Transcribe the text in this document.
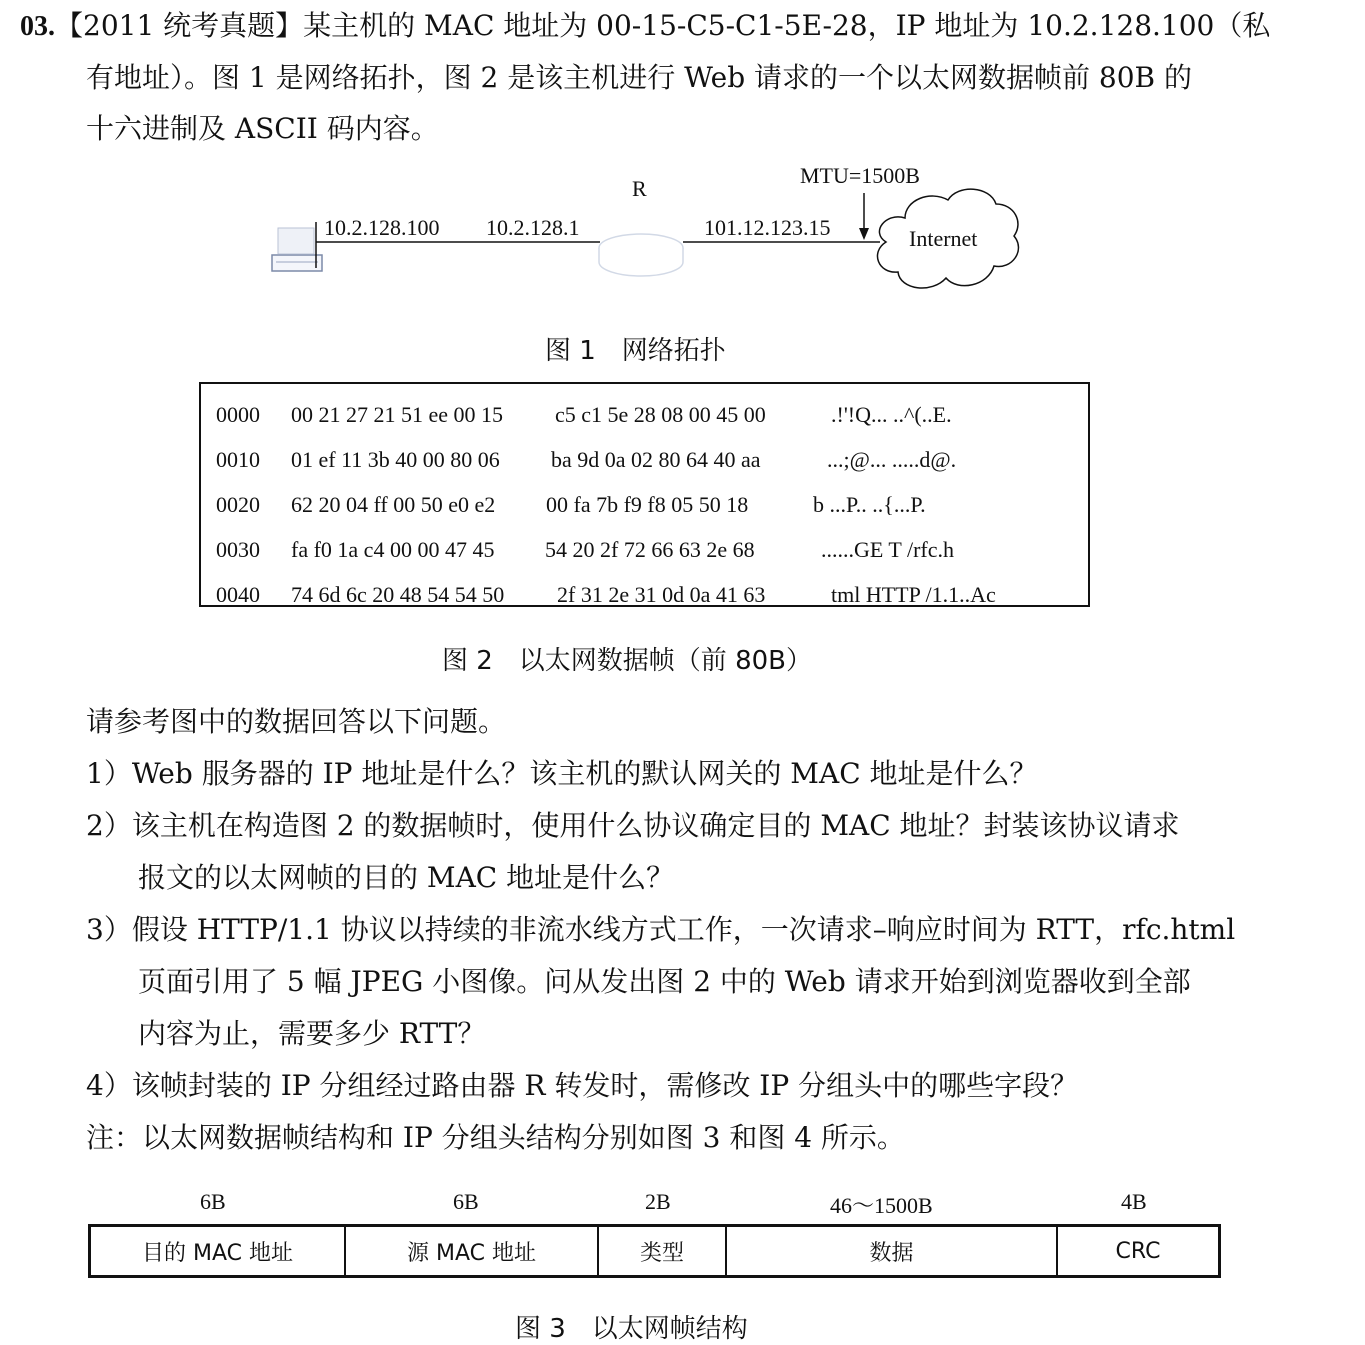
03.【2011 统考真题】某主机的 MAC 地址为 00-15-C5-C1-5E-28，IP 地址为 10.2.128.100（私
有地址）。图 1 是网络拓扑，图 2 是该主机进行 Web 请求的一个以太网数据帧前 80B 的
十六进制及 ASCII 码内容。
R
MTU=1500B
10.2.128.100 10.2.128.1	101.12.123.15	Internet
图 1　网络拓扑
0000 00 21 27 21 51 ee 00 15 c5 c1 5e 28 08 00 45 00	.!'!Q... ..^(..E.
0010 01 ef 11 3b 40 00 80 06 ba 9d 0a 02 80 64 40 aa	...;@... .....d@.
0020 62 20 04 ff 00 50 e0 e2 00 fa 7b f9 f8 05 50 18	b ...P.. ..{...P.
0030 fa f0 1a c4 00 00 47 45 54 20 2f 72 66 63 2e 68	......GE T /rfc.h
0040 74 6d 6c 20 48 54 54 50 2f 31 2e 31 0d 0a 41 63	tml HTTP /1.1..Ac
图 2　以太网数据帧（前 80B）
请参考图中的数据回答以下问题。
1）Web 服务器的 IP 地址是什么？该主机的默认网关的 MAC 地址是什么？
2）该主机在构造图 2 的数据帧时，使用什么协议确定目的 MAC 地址？封装该协议请求
报文的以太网帧的目的 MAC 地址是什么？
3）假设 HTTP/1.1 协议以持续的非流水线方式工作，一次请求–响应时间为 RTT，rfc.html
页面引用了 5 幅 JPEG 小图像。问从发出图 2 中的 Web 请求开始到浏览器收到全部
内容为止，需要多少 RTT？
4）该帧封装的 IP 分组经过路由器 R 转发时，需修改 IP 分组头中的哪些字段？
注：以太网数据帧结构和 IP 分组头结构分别如图 3 和图 4 所示。
6B	6B	2B	46～1500B	4B
目的 MAC 地址	源 MAC 地址	类型	数据	CRC
图 3　以太网帧结构
